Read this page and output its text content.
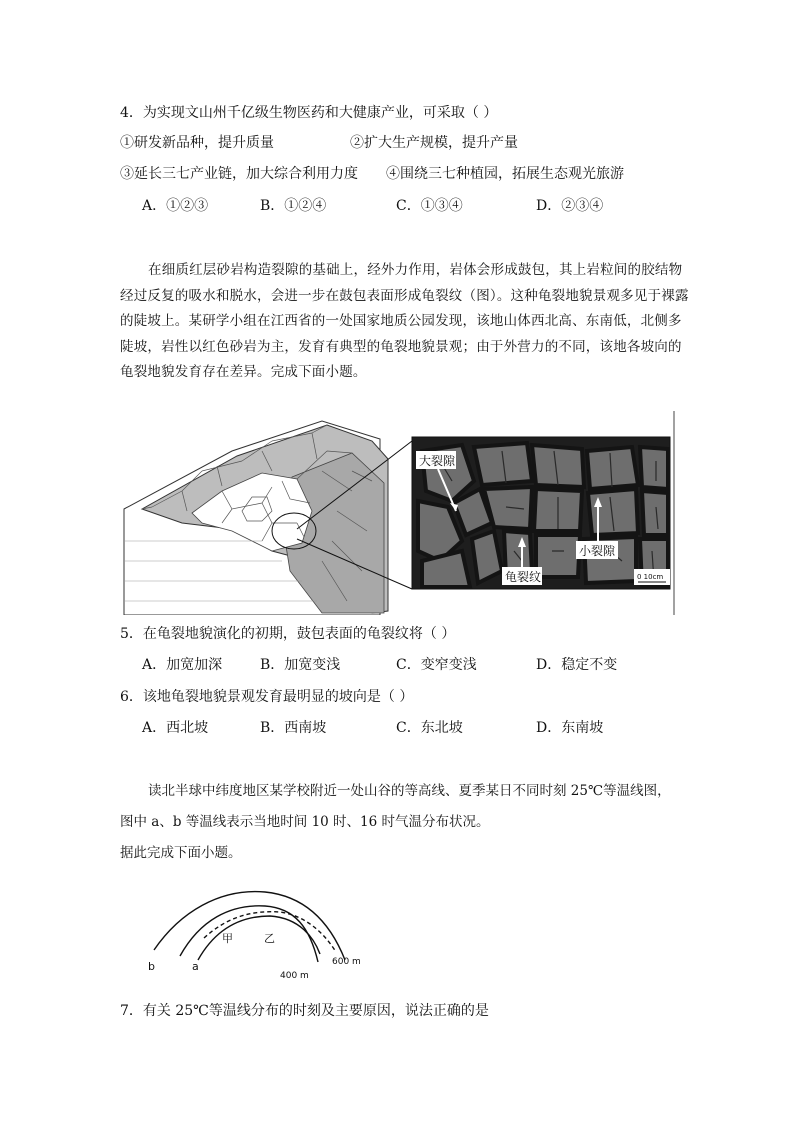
4．为实现文山州千亿级生物医药和大健康产业，可采取（ ）
①研发新品种，提升质量	②扩大生产规模，提升产量
③延长三七产业链，加大综合利用力度 ④围绕三七种植园，拓展生态观光旅游
A．①②③	B．①②④	C．①③④	D．②③④
在细质红层砂岩构造裂隙的基础上，经外力作用，岩体会形成鼓包，其上岩粒间的胶结物经过反复的吸水和脱水，会进一步在鼓包表面形成龟裂纹（图）。这种龟裂地貌景观多见于裸露的陡坡上。某研学小组在江西省的一处国家地质公园发现，该地山体西北高、东南低，北侧多陡坡，岩性以红色砂岩为主，发育有典型的龟裂地貌景观；由于外营力的不同，该地各坡向的龟裂地貌发育存在差异。完成下面小题。
大裂隙
小裂隙
龟裂纹	0 10cm
5．在龟裂地貌演化的初期，鼓包表面的龟裂纹将（ ）
A．加宽加深	B．加宽变浅	C．变窄变浅	D．稳定不变
6．该地龟裂地貌景观发育最明显的坡向是（ ）
A．西北坡	B．西南坡	C．东北坡	D．东南坡
读北半球中纬度地区某学校附近一处山谷的等高线、夏季某日不同时刻 25℃等温线图，
图中 a、b 等温线表示当地时间 10 时、16 时气温分布状况。
据此完成下面小题。
甲	乙
b	a	600 m
400 m
7．有关 25℃等温线分布的时刻及主要原因，说法正确的是
